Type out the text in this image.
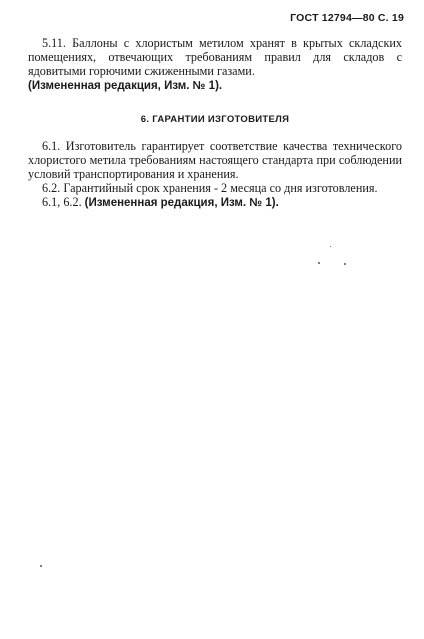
ГОСТ 12794—80 С. 19

5.11. Баллоны с хлористым метилом хранят в крытых складских помещениях, отвечающих требованиям правил для складов с ядовитыми горючими сжиженными газами.

(Измененная редакция, Изм. № 1).

6. ГАРАНТИИ ИЗГОТОВИТЕЛЯ

6.1. Изготовитель гарантирует соответствие качества технического хлористого метила требованиям настоящего стандарта при соблюдении условий транспортирования и хранения.

6.2. Гарантийный срок хранения - 2 месяца со дня изготовления.

6.1, 6.2. (Измененная редакция, Изм. № 1).
